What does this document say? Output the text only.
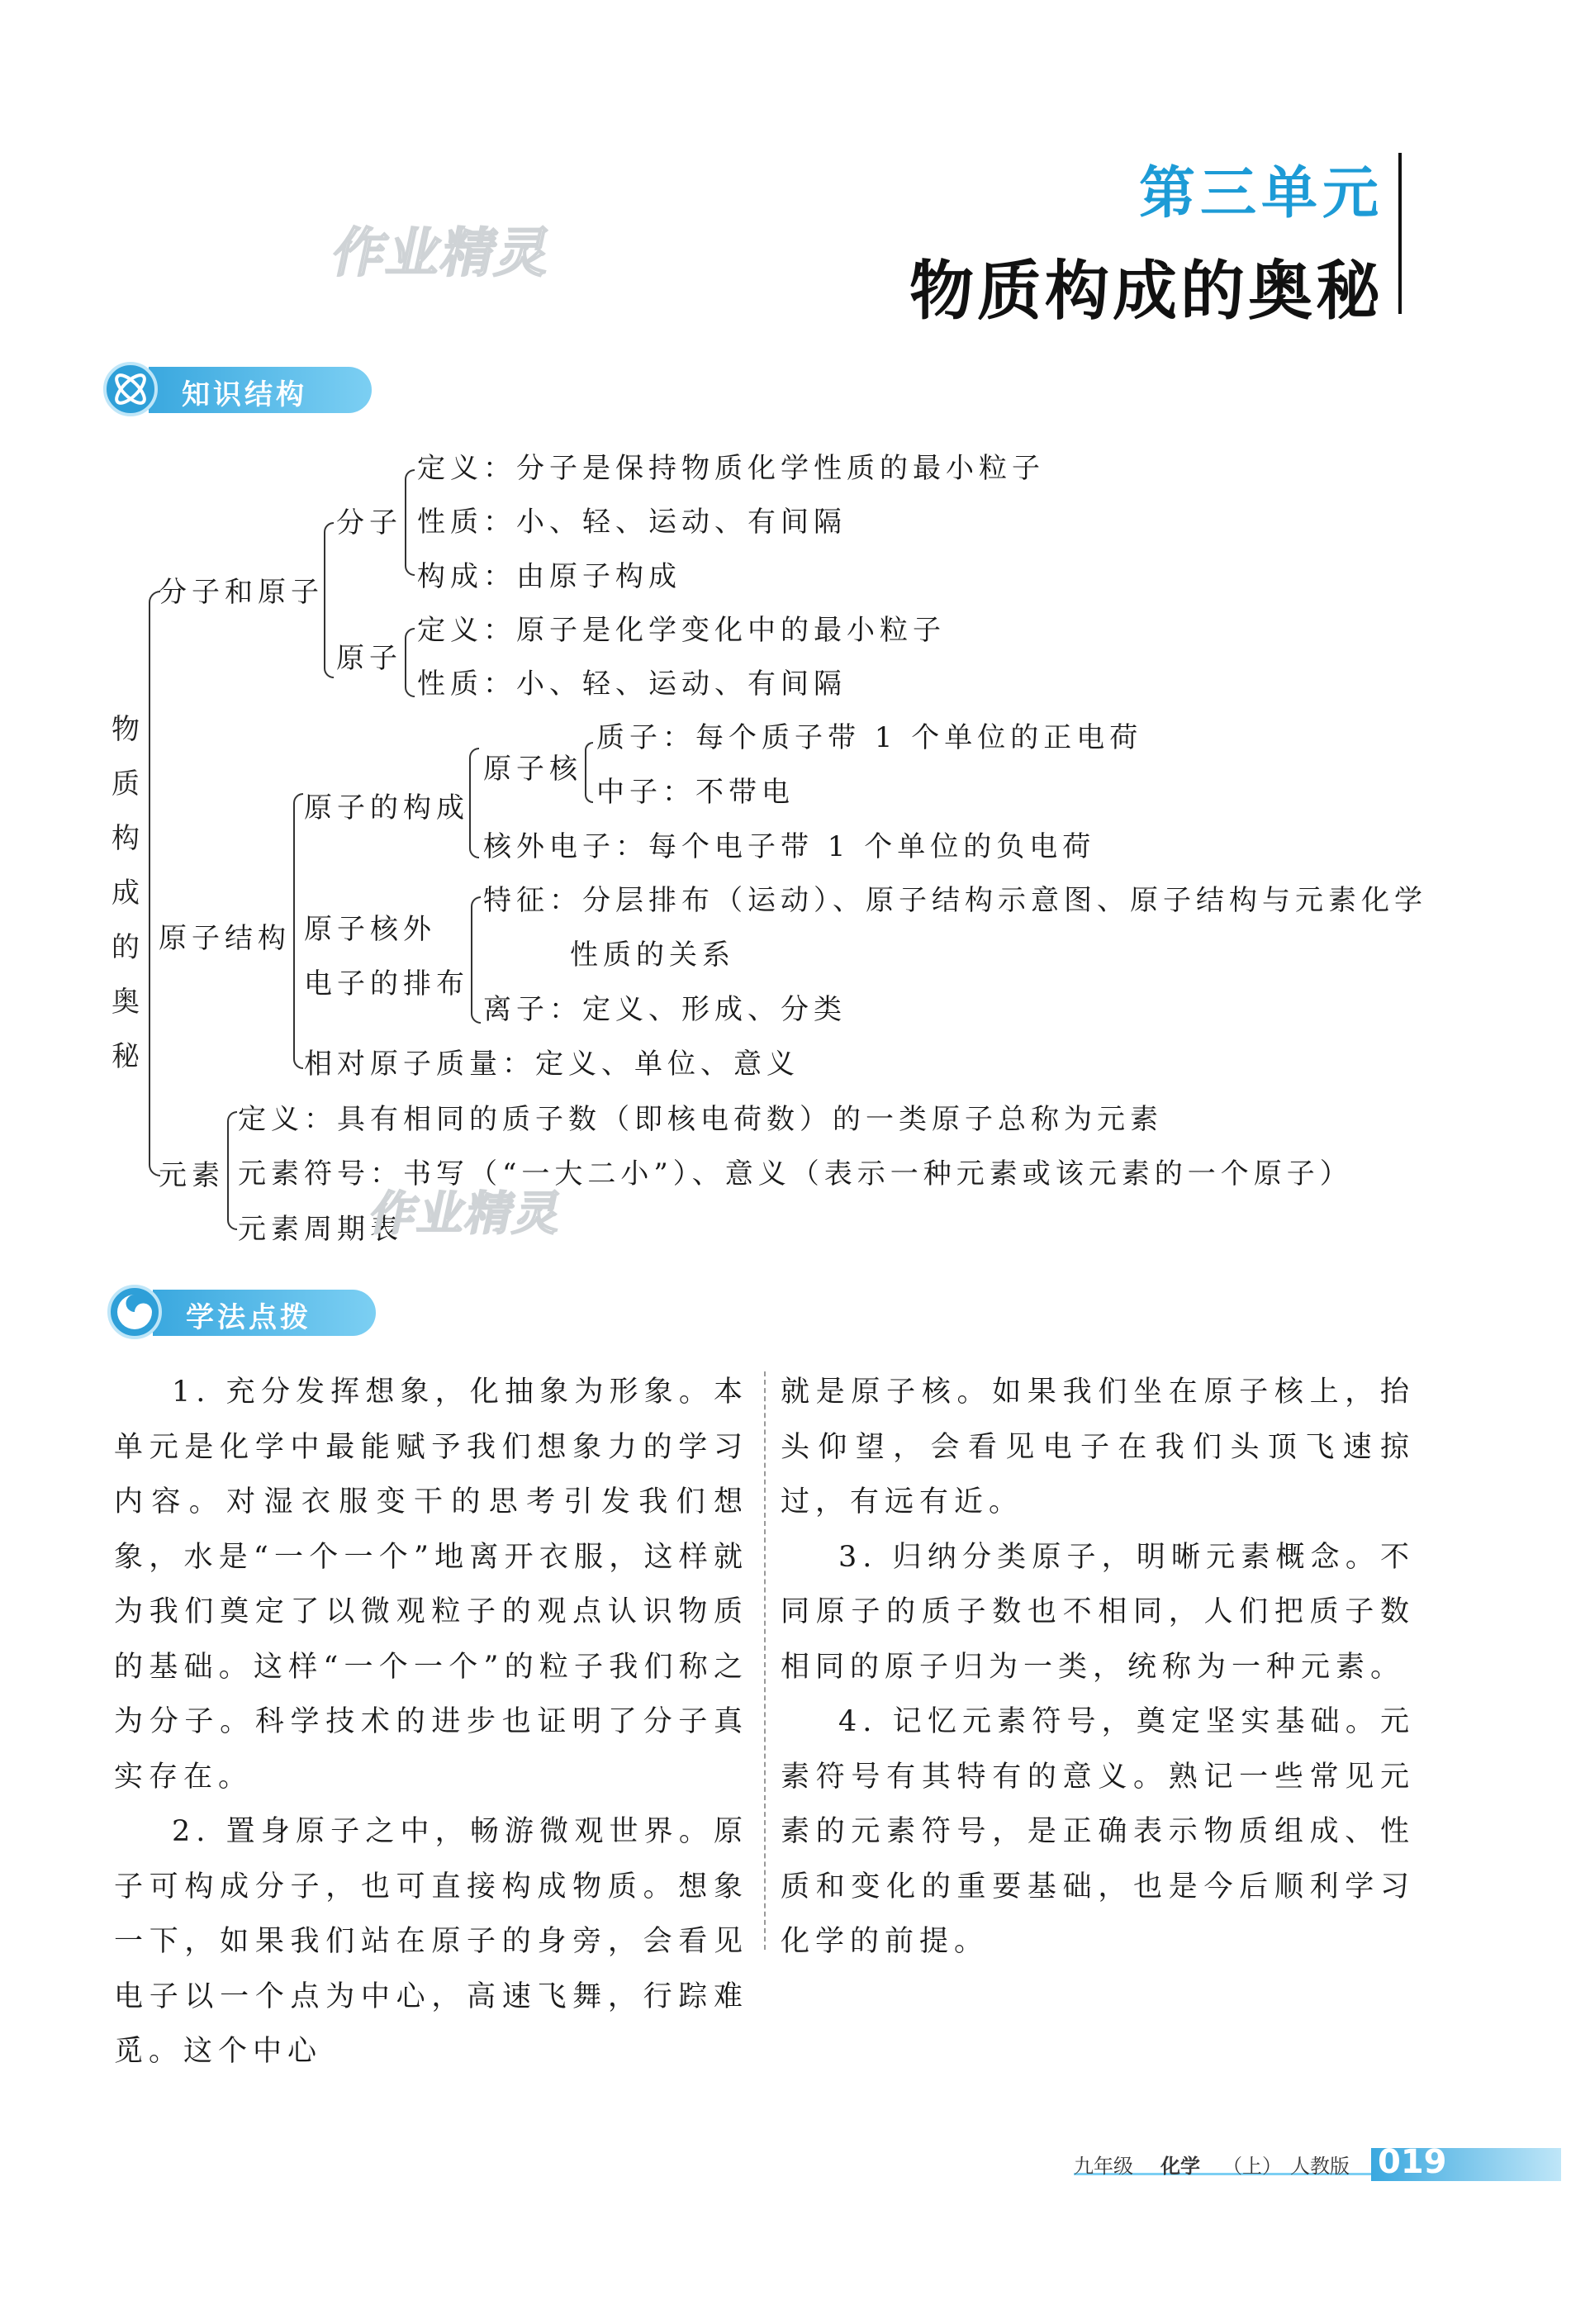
第三单元
物质构成的奥秘
作业精灵
知识结构
物
质
构
成
的
奥
秘
分子和原子
分子
定义：分子是保持物质化学性质的最小粒子
性质：小、轻、运动、有间隔
构成：由原子构成
原子
定义：原子是化学变化中的最小粒子
性质：小、轻、运动、有间隔
原子结构
原子的构成
原子核
质子：每个质子带 1 个单位的正电荷
中子：不带电
核外电子：每个电子带 1 个单位的负电荷
原子核外
电子的排布
特征：分层排布（运动）、原子结构示意图、原子结构与元素化学
性质的关系
离子：定义、形成、分类
相对原子质量：定义、单位、意义
元素
定义：具有相同的质子数（即核电荷数）的一类原子总称为元素
元素符号：书写（“一大二小”）、意义（表示一种元素或该元素的一个原子）
元素周期表
作业精灵
学法点拨

1. 充分发挥想象，化抽象为形象。本单元是化学中最能赋予我们想象力的学习内容。对湿衣服变干的思考引发我们想象，水是“一个一个”地离开衣服，这样就为我们奠定了以微观粒子的观点认识物质的基础。这样“一个一个”的粒子我们称之为分子。科学技术的进步也证明了分子真实存在。

2. 置身原子之中，畅游微观世界。原子可构成分子，也可直接构成物质。想象一下，如果我们站在原子的身旁，会看见电子以一个点为中心，高速飞舞，行踪难觅。这个中心

就是原子核。如果我们坐在原子核上，抬头仰望，会看见电子在我们头顶飞速掠过，有远有近。

3. 归纳分类原子，明晰元素概念。不同原子的质子数也不相同，人们把质子数相同的原子归为一类，统称为一种元素。

4. 记忆元素符号，奠定坚实基础。元素符号有其特有的意义。熟记一些常见元素的元素符号，是正确表示物质组成、性质和变化的重要基础，也是今后顺利学习化学的前提。

九年级 化学 （上） 人教版 019
